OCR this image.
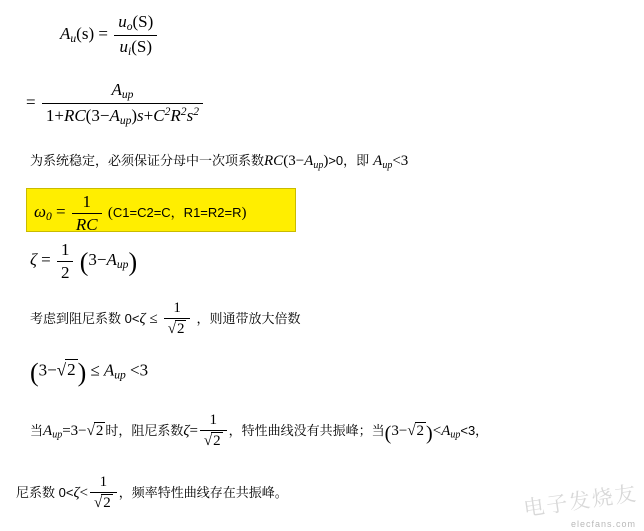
$A_u(s) = \frac{u_o(S)}{u_i(S)}$
= $\frac{A_{up}}{1+RC(3-A_{up})s+C^2R^2s^2}$
为系统稳定，必须保证分母中一次项系数$RC(3-A_{up})>0$，即 $A_{up}<3$
$\omega_0 = \frac{1}{RC} (C1=C2=C$，R1=R2=R)
$\zeta = \frac{1}{2} (3-A_{up})$
考虑到阻尼系数 $0<\zeta \le \frac{1}{√2}$ ，则通带放大倍数
$(3-√2) \le A_{up} <3$
当$A_{up}=3-√2$ 时，阻尼系数$\zeta= \frac{1}{√2}$ ，特性曲线没有共振峰；当(3−√2 )$<A_{up}<3$，
尼系数 $0<\zeta< \frac{1}{√2}$ ，频率特性曲线存在共振峰。	电子发烧友
elecfans.com
